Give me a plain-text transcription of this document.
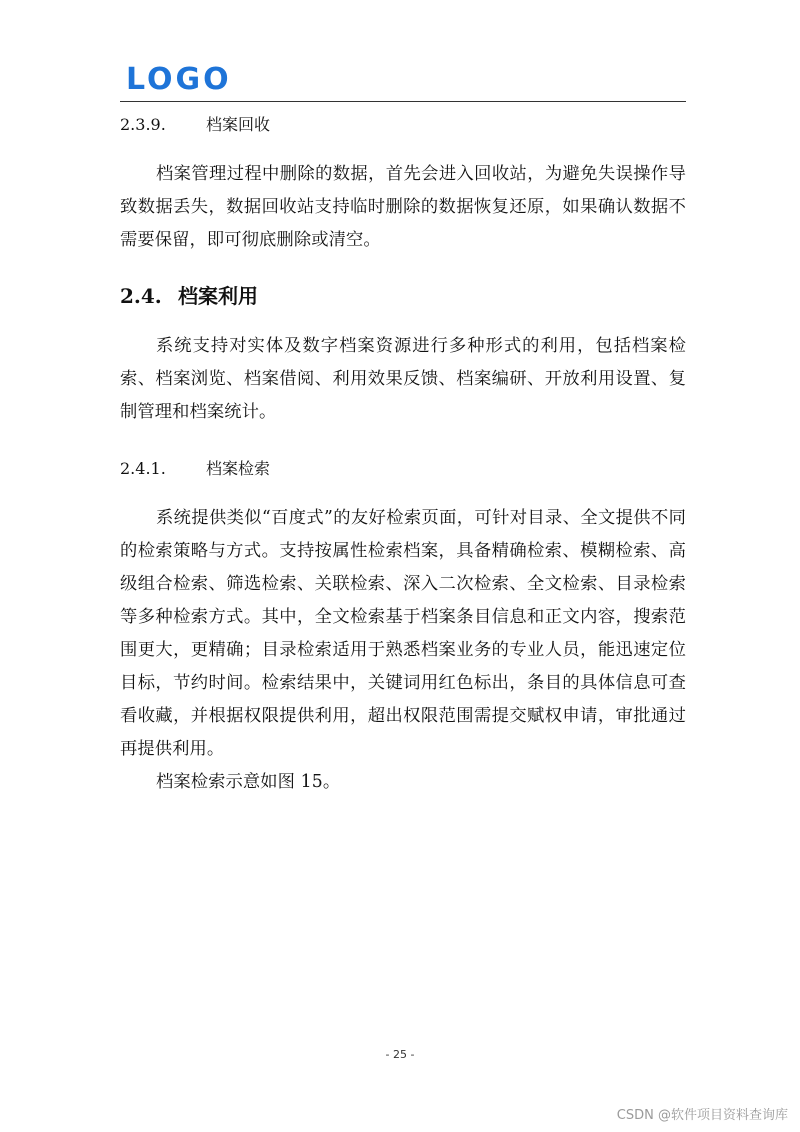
LOGO
2.3.9.	档案回收

档案管理过程中删除的数据，首先会进入回收站，为避免失误操作导致数据丢失，数据回收站支持临时删除的数据恢复还原，如果确认数据不需要保留，即可彻底删除或清空。

2.4. 档案利用

系统支持对实体及数字档案资源进行多种形式的利用，包括档案检索、档案浏览、档案借阅、利用效果反馈、档案编研、开放利用设置、复制管理和档案统计。

2.4.1.	档案检索

系统提供类似“百度式”的友好检索页面，可针对目录、全文提供不同的检索策略与方式。支持按属性检索档案，具备精确检索、模糊检索、高级组合检索、筛选检索、关联检索、深入二次检索、全文检索、目录检索等多种检索方式。其中，全文检索基于档案条目信息和正文内容，搜索范围更大，更精确；目录检索适用于熟悉档案业务的专业人员，能迅速定位目标，节约时间。检索结果中，关键词用红色标出，条目的具体信息可查看收藏，并根据权限提供利用，超出权限范围需提交赋权申请，审批通过再提供利用。

档案检索示意如图 15。

- 25 -
CSDN @软件项目资料查询库
